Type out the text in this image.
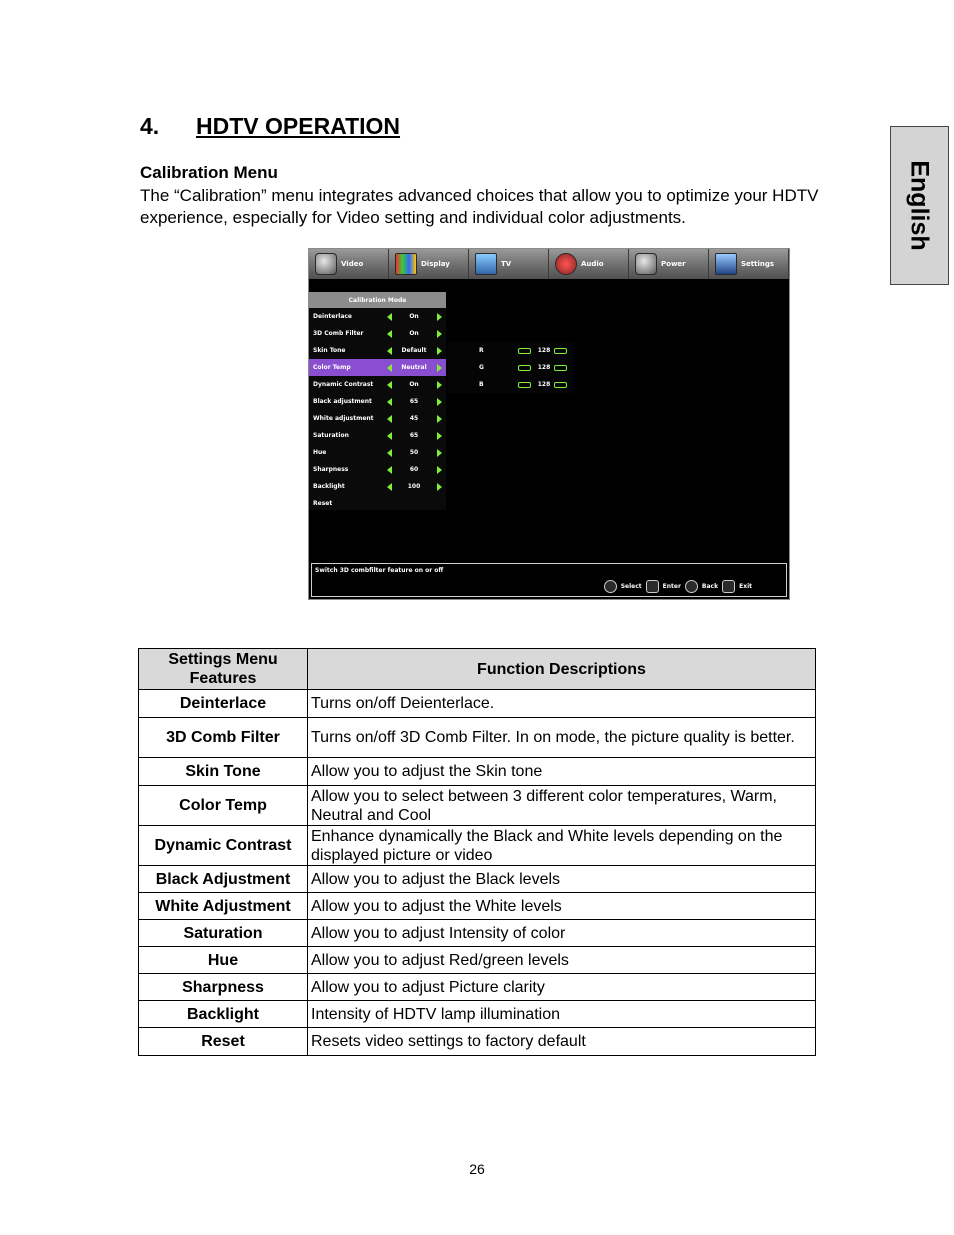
4. HDTV OPERATION
English
Calibration Menu

The “Calibration” menu integrates advanced choices that allow you to optimize your HDTV experience, especially for Video setting and individual color adjustments.

Video	Display	TV	Audio	Power	Settings
Calibration Mode
Deinterlace	On
3D Comb Filter	On
Skin Tone	Default
Color Temp	Neutral
Dynamic Contrast	On
Black adjustment	65
White adjustment	45
Saturation	65
Hue	50
Sharpness	60
Backlight	100
Reset
R	128
G	128
B	128
Switch 3D combfilter feature on or off
Select	Enter	Back	Exit
Settings Menu Features	Function Descriptions
Deinterlace	Turns on/off Deienterlace.
3D Comb Filter	Turns on/off 3D Comb Filter. In on mode, the picture quality is better.
Skin Tone	Allow you to adjust the Skin tone
Color Temp	Allow you to select between 3 different color temperatures, Warm, Neutral and Cool
Dynamic Contrast	Enhance dynamically the Black and White levels depending on the displayed picture or video
Black Adjustment	Allow you to adjust the Black levels
White Adjustment	Allow you to adjust the White levels
Saturation	Allow you to adjust Intensity of color
Hue	Allow you to adjust Red/green levels
Sharpness	Allow you to adjust Picture clarity
Backlight	Intensity of HDTV lamp illumination
Reset	Resets video settings to factory default
26
